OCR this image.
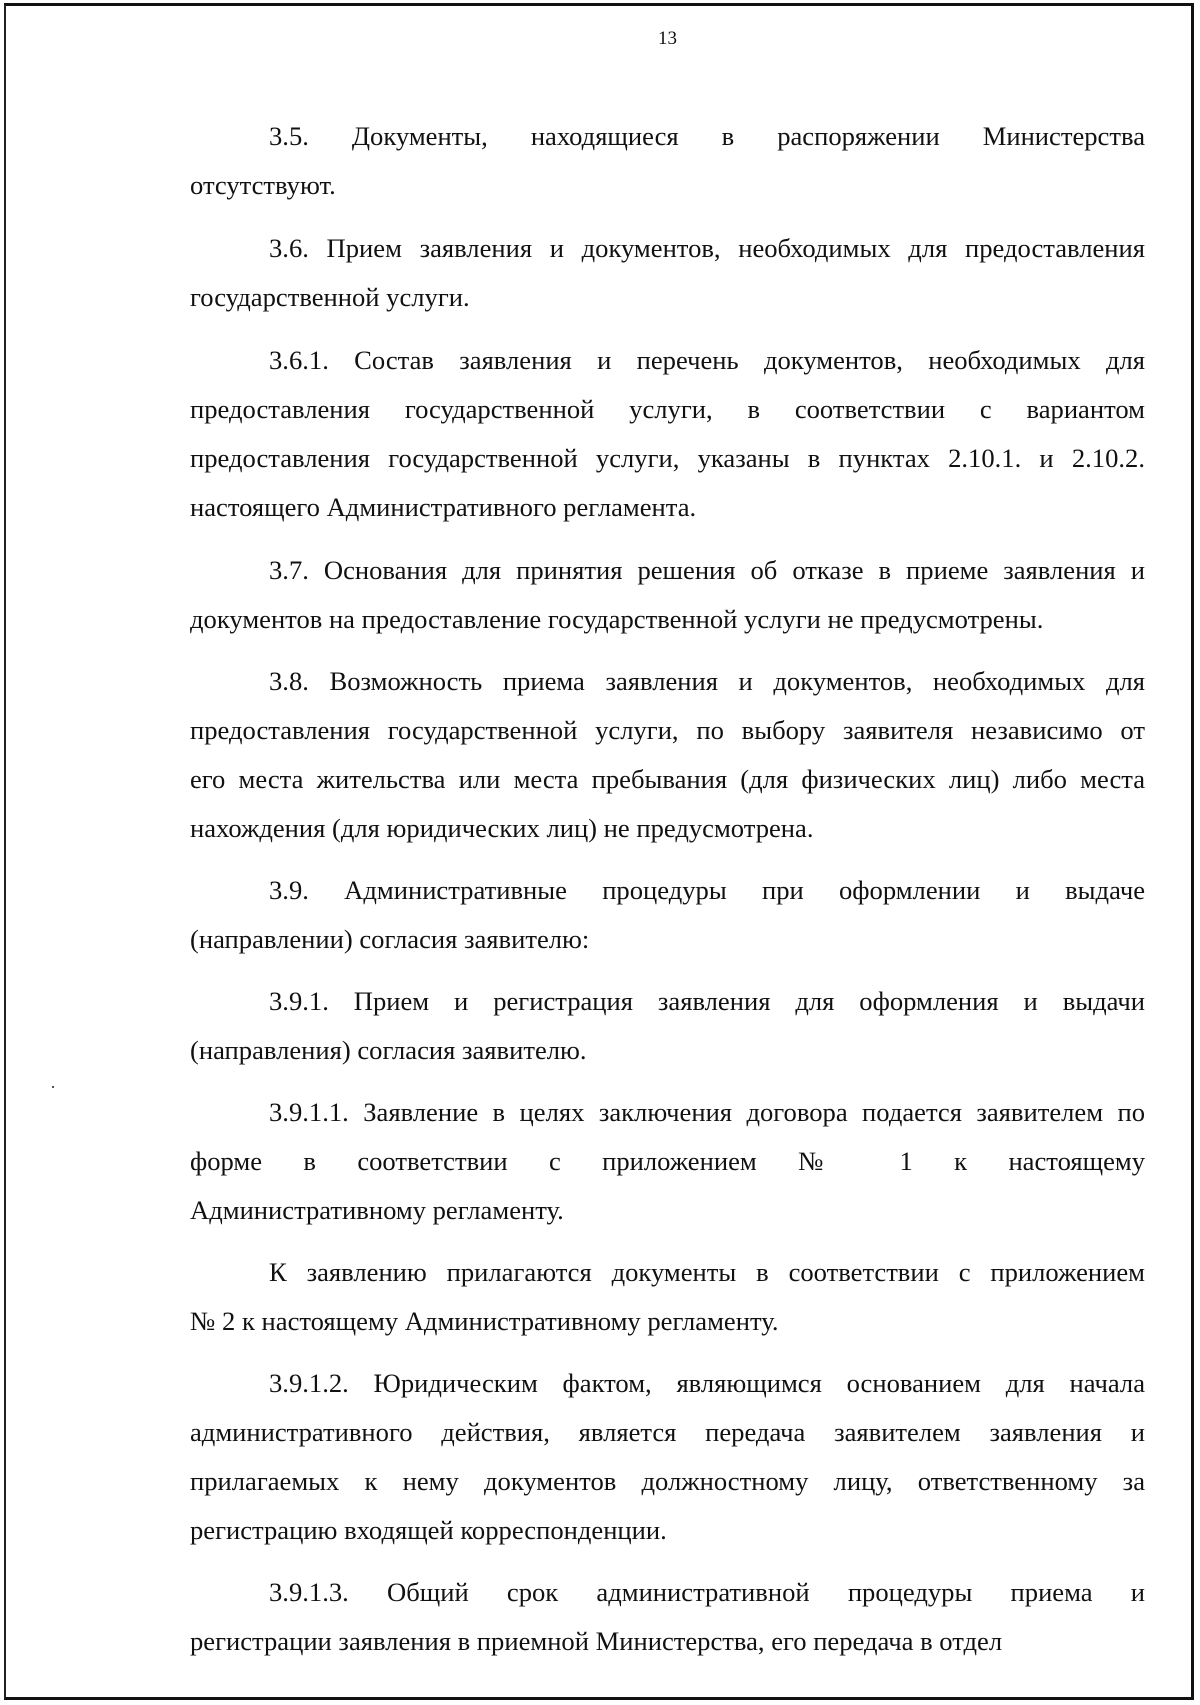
13
3.5. Документы, находящиеся в распоряжении Министерства
отсутствуют.
3.6. Прием заявления и документов, необходимых для предоставления
государственной услуги.
3.6.1. Состав заявления и перечень документов, необходимых для
предоставления государственной услуги, в соответствии с вариантом
предоставления государственной услуги, указаны в пунктах 2.10.1. и 2.10.2.
настоящего Административного регламента.
3.7. Основания для принятия решения об отказе в приеме заявления и
документов на предоставление государственной услуги не предусмотрены.
3.8. Возможность приема заявления и документов, необходимых для
предоставления государственной услуги, по выбору заявителя независимо от
его места жительства или места пребывания (для физических лиц) либо места
нахождения (для юридических лиц) не предусмотрена.
3.9. Административные процедуры при оформлении и выдаче
(направлении) согласия заявителю:
3.9.1. Прием и регистрация заявления для оформления и выдачи
(направления) согласия заявителю.
3.9.1.1. Заявление в целях заключения договора подается заявителем по
форме в соответствии с приложением № 1 к настоящему
Административному регламенту.
К заявлению прилагаются документы в соответствии с приложением
№ 2 к настоящему Административному регламенту.
3.9.1.2. Юридическим фактом, являющимся основанием для начала
административного действия, является передача заявителем заявления и
прилагаемых к нему документов должностному лицу, ответственному за
регистрацию входящей корреспонденции.
3.9.1.3. Общий срок административной процедуры приема и
регистрации заявления в приемной Министерства, его передача в отдел
